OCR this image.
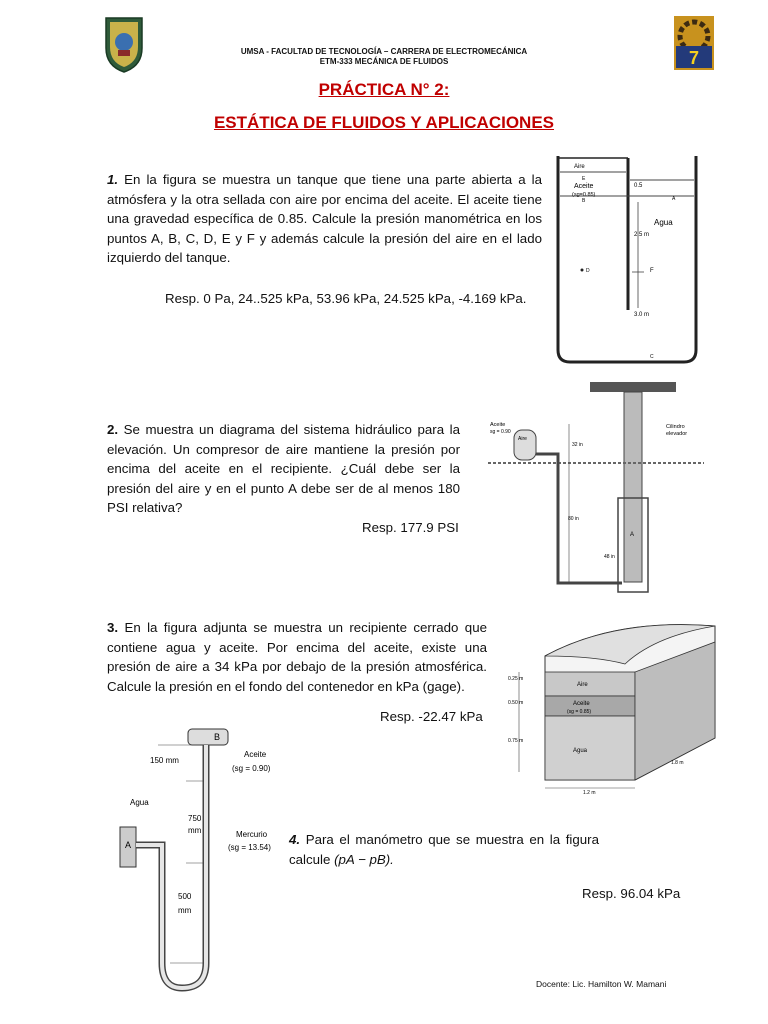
7
UMSA - FACULTAD DE TECNOLOGÍA – CARRERA DE ELECTROMECÁNICA
ETM-333 MECÁNICA DE FLUIDOS
PRÁCTICA N° 2:
ESTÁTICA DE FLUIDOS Y APLICACIONES
1. En la figura se muestra un tanque que tiene una parte abierta a la atmósfera y la otra sellada con aire por encima del aceite. El aceite tiene una gravedad específica de 0.85. Calcule la presión manométrica en los puntos A, B, C, D, E y F y además calcule la presión del aire en el lado izquierdo del tanque.
Resp. 0 Pa, 24..525 kPa, 53.96 kPa, 24.525 kPa, -4.169 kPa.
Aire
Aceite
(sg=0.85)
Agua
0.5
2.5 m
3.0 m
D	F
C
A
E
B
2. Se muestra un diagrama del sistema hidráulico para la elevación. Un compresor de aire mantiene la presión por encima del aceite en el recipiente. ¿Cuál debe ser la presión del aire y en el punto A debe ser de al menos 180 PSI relativa?
Resp. 177.9 PSI
Aceite
sg = 0.90
Aire
Cilindro
elevador
32 in
80 in
48 in
A
3. En la figura adjunta se muestra un recipiente cerrado que contiene agua y aceite. Por encima del aceite, existe una presión de aire a 34 kPa por debajo de la presión atmosférica. Calcule la presión en el fondo del contenedor en kPa (gage).
Resp. -22.47 kPa
Aire
Aceite
(sg = 0.85)
Agua
0.25 m
0.50 m
0.75 m
1.2 m
1.8 m
B
A
150 mm
Aceite
(sg = 0.90)
Agua
750
mm	Mercurio
(sg = 13.54)
500
mm
4. Para el manómetro que se muestra en la figura calcule (pA − pB).
Resp. 96.04 kPa
Docente: Lic. Hamilton W. Mamani
